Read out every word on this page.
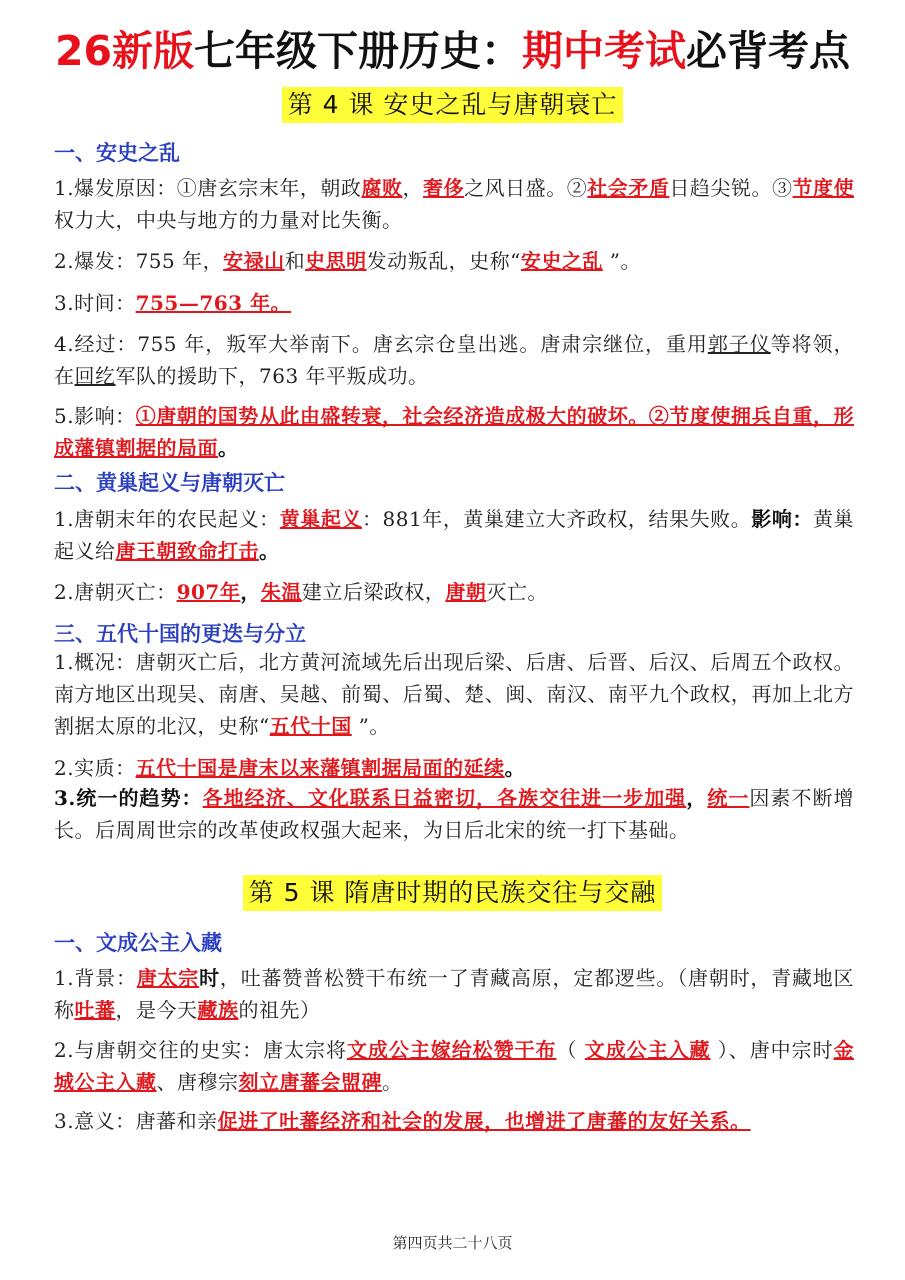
26新版七年级下册历史：期中考试必背考点
第 4 课 安史之乱与唐朝衰亡
一、安史之乱
1.爆发原因：①唐玄宗末年，朝政腐败，奢侈之风日盛。②社会矛盾日趋尖锐。③节度使权力大，中央与地方的力量对比失衡。
2.爆发：755 年，安禄山和史思明发动叛乱，史称“安史之乱 ”。
3.时间：755—763 年。
4.经过：755 年，叛军大举南下。唐玄宗仓皇出逃。唐肃宗继位，重用郭子仪等将领，在回纥军队的援助下，763 年平叛成功。
5.影响：①唐朝的国势从此由盛转衰，社会经济造成极大的破坏。②节度使拥兵自重，形成藩镇割据的局面。
二、黄巢起义与唐朝灭亡
1.唐朝末年的农民起义：黄巢起义：881年，黄巢建立大齐政权，结果失败。影响：黄巢起义给唐王朝致命打击。
2.唐朝灭亡：907年，朱温建立后梁政权，唐朝灭亡。
三、五代十国的更迭与分立
1.概况：唐朝灭亡后，北方黄河流域先后出现后梁、后唐、后晋、后汉、后周五个政权。南方地区出现吴、南唐、吴越、前蜀、后蜀、楚、闽、南汉、南平九个政权，再加上北方割据太原的北汉，史称“五代十国 ”。
2.实质：五代十国是唐末以来藩镇割据局面的延续。
3.统一的趋势：各地经济、文化联系日益密切，各族交往进一步加强，统一因素不断增长。后周周世宗的改革使政权强大起来，为日后北宋的统一打下基础。
第 5 课 隋唐时期的民族交往与交融
一、文成公主入藏
1.背景：唐太宗时，吐蕃赞普松赞干布统一了青藏高原，定都逻些。（唐朝时，青藏地区称吐蕃，是今天藏族的祖先）
2.与唐朝交往的史实：唐太宗将文成公主嫁给松赞干布（ 文成公主入藏 ）、唐中宗时金城公主入藏、唐穆宗刻立唐蕃会盟碑。
3.意义：唐蕃和亲促进了吐蕃经济和社会的发展，也增进了唐蕃的友好关系。
第四页共二十八页
